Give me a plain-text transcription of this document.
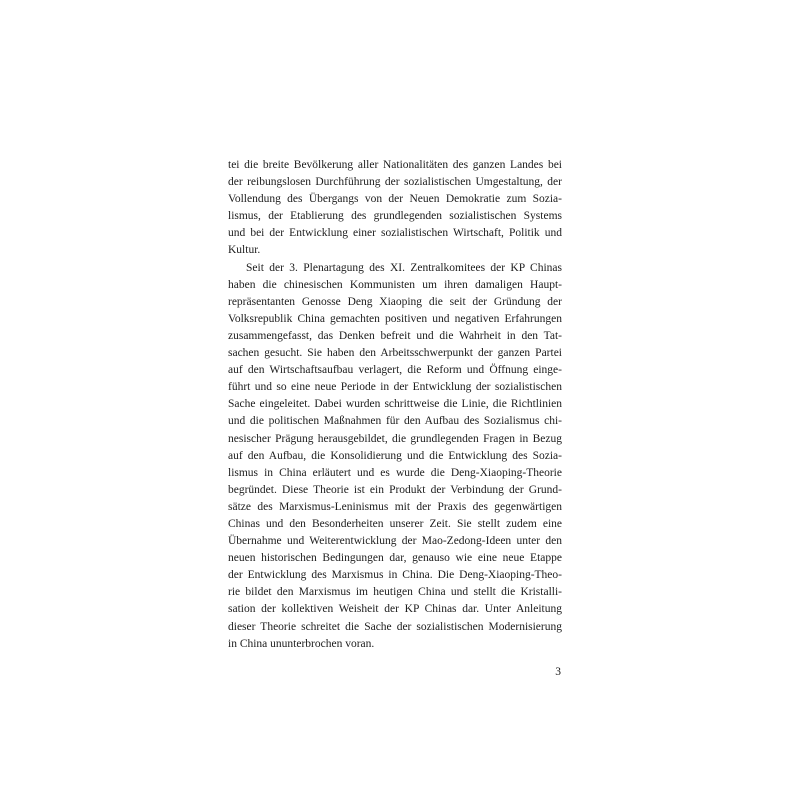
tei die breite Bevölkerung aller Nationalitäten des ganzen Landes bei
der reibungslosen Durchführung der sozialistischen Umgestaltung, der
Vollendung des Übergangs von der Neuen Demokratie zum Sozia-
lismus, der Etablierung des grundlegenden sozialistischen Systems
und bei der Entwicklung einer sozialistischen Wirtschaft, Politik und
Kultur.
Seit der 3. Plenartagung des XI. Zentralkomitees der KP Chinas
haben die chinesischen Kommunisten um ihren damaligen Haupt-
repräsentanten Genosse Deng Xiaoping die seit der Gründung der
Volksrepublik China gemachten positiven und negativen Erfahrungen
zusammengefasst, das Denken befreit und die Wahrheit in den Tat-
sachen gesucht. Sie haben den Arbeitsschwerpunkt der ganzen Partei
auf den Wirtschaftsaufbau verlagert, die Reform und Öffnung einge-
führt und so eine neue Periode in der Entwicklung der sozialistischen
Sache eingeleitet. Dabei wurden schrittweise die Linie, die Richtlinien
und die politischen Maßnahmen für den Aufbau des Sozialismus chi-
nesischer Prägung herausgebildet, die grundlegenden Fragen in Bezug
auf den Aufbau, die Konsolidierung und die Entwicklung des Sozia-
lismus in China erläutert und es wurde die Deng-Xiaoping-Theorie
begründet. Diese Theorie ist ein Produkt der Verbindung der Grund-
sätze des Marxismus-Leninismus mit der Praxis des gegenwärtigen
Chinas und den Besonderheiten unserer Zeit. Sie stellt zudem eine
Übernahme und Weiterentwicklung der Mao-Zedong-Ideen unter den
neuen historischen Bedingungen dar, genauso wie eine neue Etappe
der Entwicklung des Marxismus in China. Die Deng-Xiaoping-Theo-
rie bildet den Marxismus im heutigen China und stellt die Kristalli-
sation der kollektiven Weisheit der KP Chinas dar. Unter Anleitung
dieser Theorie schreitet die Sache der sozialistischen Modernisierung
in China ununterbrochen voran.
3
